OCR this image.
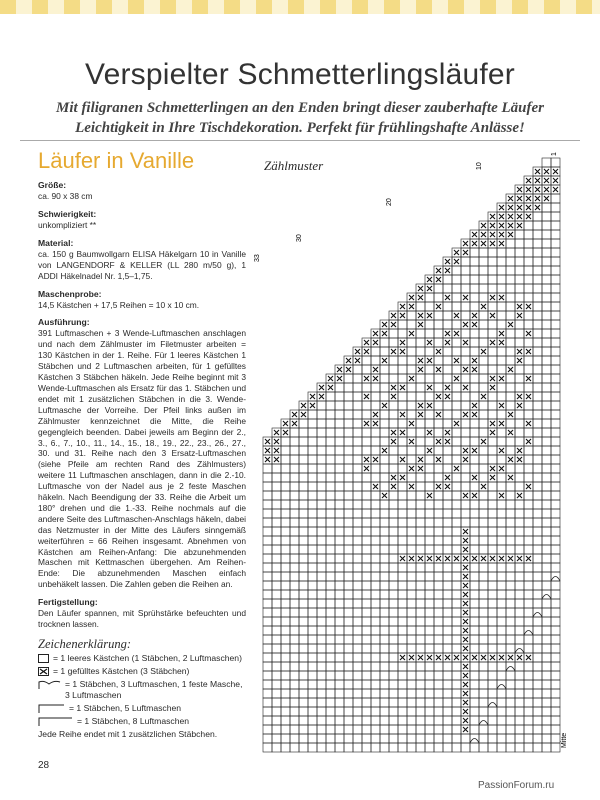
Verspielter Schmetterlingsläufer

Mit filigranen Schmetterlingen an den Enden bringt dieser zauberhafte Läufer Leichtigkeit in Ihre Tischdekoration. Perfekt für frühlingshafte Anlässe!

Läufer in Vanille
Größe:
ca. 90 x 38 cm
Schwierigkeit:
unkompliziert **
Material:
ca. 150 g Baumwollgarn ELISA Häkelgarn 10 in Vanille von LANGENDORF & KELLER (LL 280 m/50 g), 1 ADDI Häkelnadel Nr. 1,5–1,75.
Maschenprobe:
14,5 Kästchen + 17,5 Reihen = 10 x 10 cm.
Ausführung:
391 Luftmaschen + 3 Wende-Luftmaschen anschlagen und nach dem Zählmuster im Filetmuster arbeiten = 130 Kästchen in der 1. Reihe. Für 1 leeres Kästchen 1 Stäbchen und 2 Luftmaschen arbeiten, für 1 gefülltes Kästchen 3 Stäbchen häkeln. Jede Reihe beginnt mit 3 Wende-Luftmaschen als Ersatz für das 1. Stäbchen und endet mit 1 zusätzlichen Stäbchen in die 3. Wende-Luftmasche der Vorreihe. Der Pfeil links außen im Zählmuster kennzeichnet die Mitte, die Reihe gegengleich beenden. Dabei jeweils am Beginn der 2., 3., 6., 7., 10., 11., 14., 15., 18., 19., 22., 23., 26., 27., 30. und 31. Reihe nach den 3 Ersatz-Luftmaschen (siehe Pfeile am rechten Rand des Zählmusters) weitere 11 Luftmaschen anschlagen, dann in die 2.-10. Luftmasche von der Nadel aus je 2 feste Maschen häkeln. Nach Beendigung der 33. Reihe die Arbeit um 180° drehen und die 1.-33. Reihe nochmals auf die andere Seite des Luftmaschen-Anschlags häkeln, dabei das Netzmuster in der Mitte des Läufers sinngemäß weiterführen = 66 Reihen insgesamt. Abnehmen von Kästchen am Reihen-Anfang: Die abzunehmenden Maschen mit Kettmaschen übergehen. Am Reihen-Ende: Die abzunehmenden Maschen einfach unbehäkelt lassen. Die Zahlen geben die Reihen an.
Fertigstellung:
Den Läufer spannen, mit Sprühstärke befeuchten und trocknen lassen.
Zeichenerklärung:
= 1 leeres Kästchen (1 Stäbchen, 2 Luftmaschen)
= 1 gefülltes Kästchen (3 Stäbchen)
= 1 Stäbchen, 3 Luftmaschen, 1 feste Masche, 3 Luftmaschen
= 1 Stäbchen, 5 Luftmaschen
= 1 Stäbchen, 8 Luftmaschen
Jede Reihe endet mit 1 zusätzlichen Stäbchen.
Zählmuster
1
10
20
30
33
Mitte
28
PassionForum.ru
